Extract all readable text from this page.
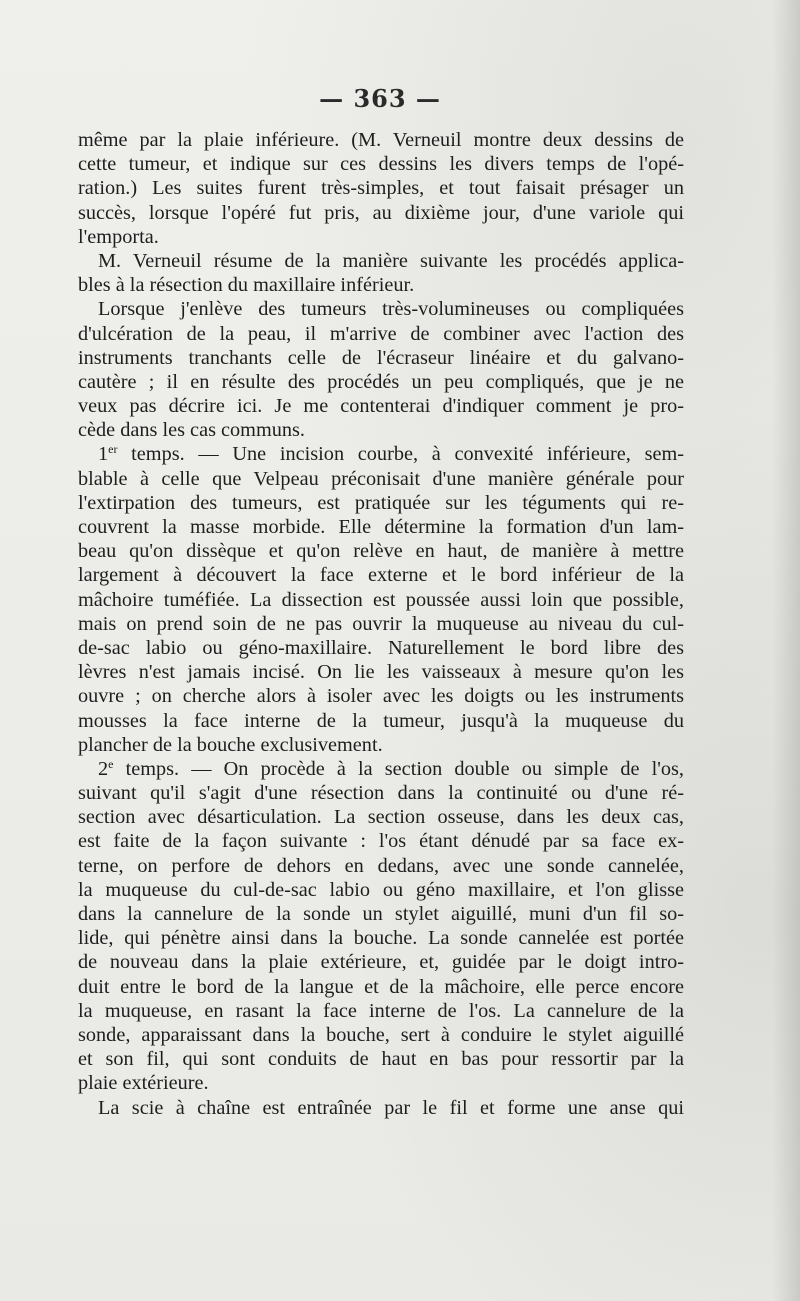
— 363 —
même par la plaie inférieure. (M. Verneuil montre deux dessins de
cette tumeur, et indique sur ces dessins les divers temps de l'opé-
ration.) Les suites furent très-simples, et tout faisait présager un
succès, lorsque l'opéré fut pris, au dixième jour, d'une variole qui
l'emporta.
M. Verneuil résume de la manière suivante les procédés applica-
bles à la résection du maxillaire inférieur.
Lorsque j'enlève des tumeurs très-volumineuses ou compliquées
d'ulcération de la peau, il m'arrive de combiner avec l'action des
instruments tranchants celle de l'écraseur linéaire et du galvano-
cautère ; il en résulte des procédés un peu compliqués, que je ne
veux pas décrire ici. Je me contenterai d'indiquer comment je pro-
cède dans les cas communs.
1er temps. — Une incision courbe, à convexité inférieure, sem-
blable à celle que Velpeau préconisait d'une manière générale pour
l'extirpation des tumeurs, est pratiquée sur les téguments qui re-
couvrent la masse morbide. Elle détermine la formation d'un lam-
beau qu'on dissèque et qu'on relève en haut, de manière à mettre
largement à découvert la face externe et le bord inférieur de la
mâchoire tuméfiée. La dissection est poussée aussi loin que possible,
mais on prend soin de ne pas ouvrir la muqueuse au niveau du cul-
de-sac labio ou géno-maxillaire. Naturellement le bord libre des
lèvres n'est jamais incisé. On lie les vaisseaux à mesure qu'on les
ouvre ; on cherche alors à isoler avec les doigts ou les instruments
mousses la face interne de la tumeur, jusqu'à la muqueuse du
plancher de la bouche exclusivement.
2e temps. — On procède à la section double ou simple de l'os,
suivant qu'il s'agit d'une résection dans la continuité ou d'une ré-
section avec désarticulation. La section osseuse, dans les deux cas,
est faite de la façon suivante : l'os étant dénudé par sa face ex-
terne, on perfore de dehors en dedans, avec une sonde cannelée,
la muqueuse du cul-de-sac labio ou géno maxillaire, et l'on glisse
dans la cannelure de la sonde un stylet aiguillé, muni d'un fil so-
lide, qui pénètre ainsi dans la bouche. La sonde cannelée est portée
de nouveau dans la plaie extérieure, et, guidée par le doigt intro-
duit entre le bord de la langue et de la mâchoire, elle perce encore
la muqueuse, en rasant la face interne de l'os. La cannelure de la
sonde, apparaissant dans la bouche, sert à conduire le stylet aiguillé
et son fil, qui sont conduits de haut en bas pour ressortir par la
plaie extérieure.
La scie à chaîne est entraînée par le fil et forme une anse qui
